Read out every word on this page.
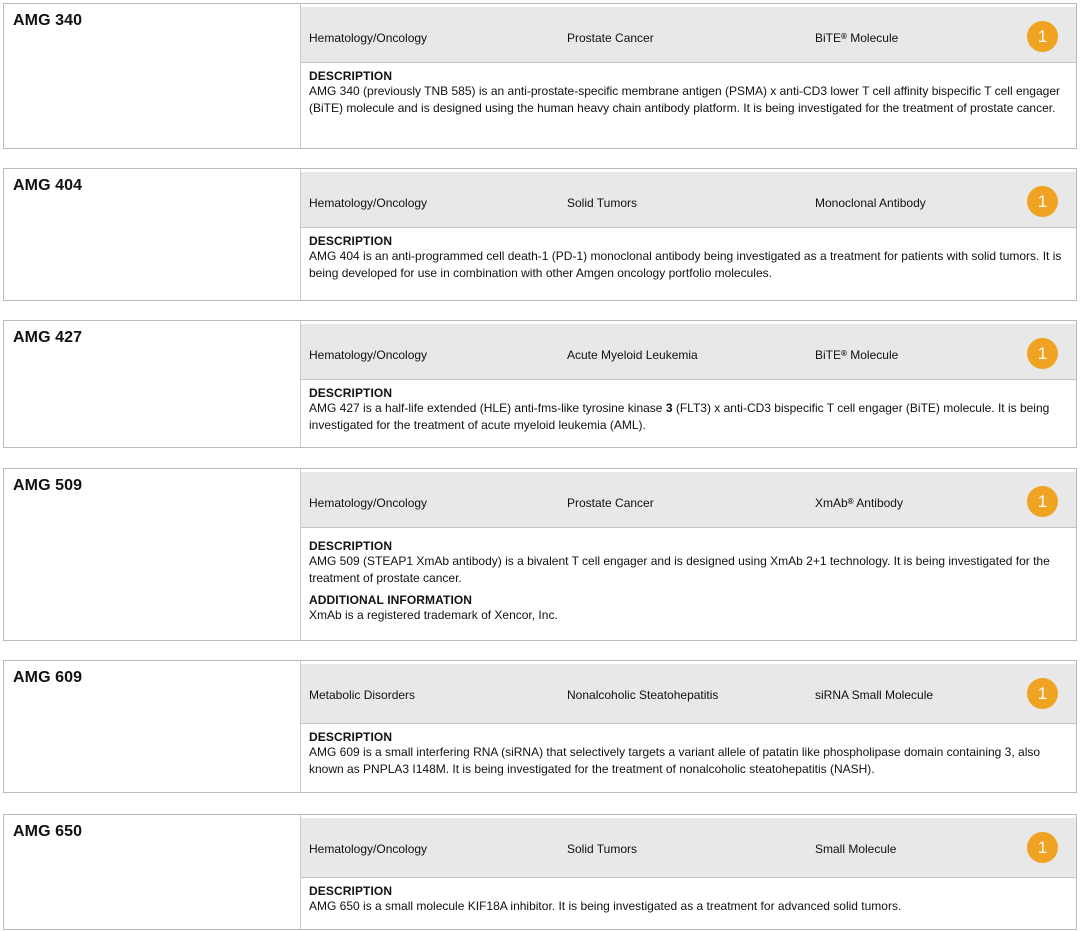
AMG 340
Hematology/Oncology	Prostate Cancer	BiTE® Molecule	1
DESCRIPTION

AMG 340 (previously TNB 585) is an anti-prostate-specific membrane antigen (PSMA) x anti-CD3 lower T cell affinity bispecific T cell engager (BiTE) molecule and is designed using the human heavy chain antibody platform. It is being investigated for the treatment of prostate cancer.

AMG 404
Hematology/Oncology	Solid Tumors	Monoclonal Antibody	1
DESCRIPTION

AMG 404 is an anti-programmed cell death-1 (PD-1) monoclonal antibody being investigated as a treatment for patients with solid tumors. It is being developed for use in combination with other Amgen oncology portfolio molecules.

AMG 427
Hematology/Oncology	Acute Myeloid Leukemia	BiTE® Molecule	1
DESCRIPTION

AMG 427 is a half-life extended (HLE) anti-fms-like tyrosine kinase 3 (FLT3) x anti-CD3 bispecific T cell engager (BiTE) molecule. It is being investigated for the treatment of acute myeloid leukemia (AML).

AMG 509
Hematology/Oncology	Prostate Cancer	XmAb® Antibody	1
DESCRIPTION

AMG 509 (STEAP1 XmAb antibody) is a bivalent T cell engager and is designed using XmAb 2+1 technology. It is being investigated for the treatment of prostate cancer.

ADDITIONAL INFORMATION

XmAb is a registered trademark of Xencor, Inc.

AMG 609
Metabolic Disorders	Nonalcoholic Steatohepatitis	siRNA Small Molecule	1
DESCRIPTION

AMG 609 is a small interfering RNA (siRNA) that selectively targets a variant allele of patatin like phospholipase domain containing 3, also known as PNPLA3 I148M. It is being investigated for the treatment of nonalcoholic steatohepatitis (NASH).

AMG 650
Hematology/Oncology	Solid Tumors	Small Molecule	1
DESCRIPTION

AMG 650 is a small molecule KIF18A inhibitor. It is being investigated as a treatment for advanced solid tumors.
